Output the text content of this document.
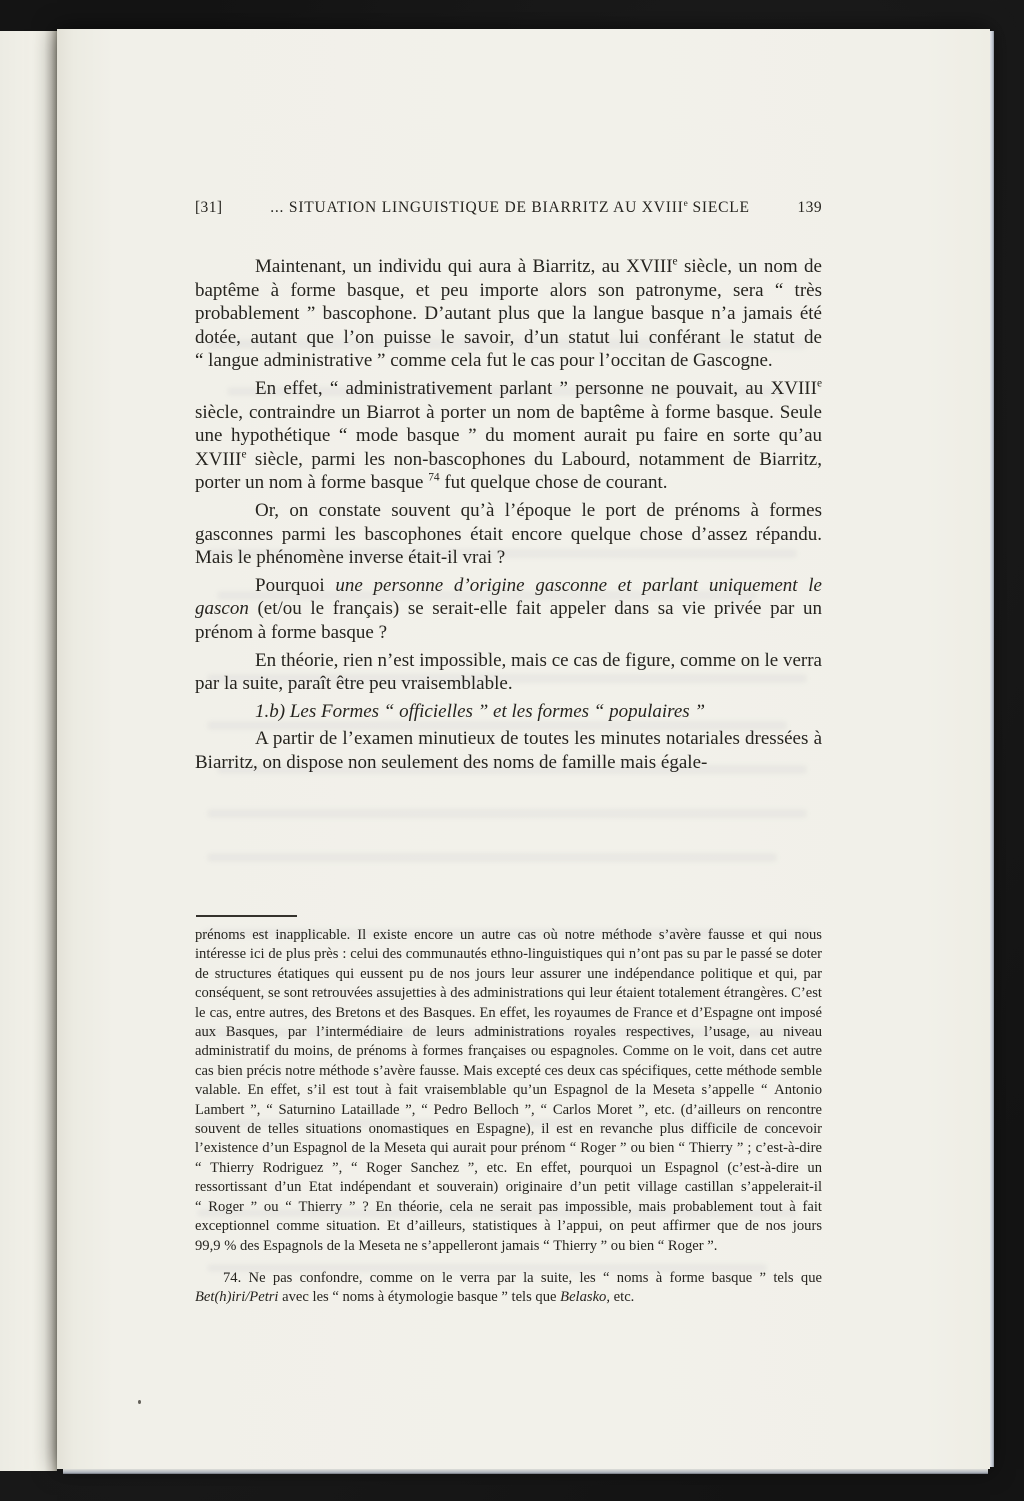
[31]	... SITUATION LINGUISTIQUE DE BIARRITZ AU XVIIIe SIECLE	139

Maintenant, un individu qui aura à Biarritz, au XVIIIe siècle, un nom de baptême à forme basque, et peu importe alors son patronyme, sera “ très probablement ” bascophone. D’autant plus que la langue basque n’a jamais été dotée, autant que l’on puisse le savoir, d’un statut lui conférant le statut de “ langue administrative ” comme cela fut le cas pour l’occitan de Gascogne.

En effet, “ administrativement parlant ” personne ne pouvait, au XVIIIe siècle, contraindre un Biarrot à porter un nom de baptême à forme basque. Seule une hypothétique “ mode basque ” du moment aurait pu faire en sorte qu’au XVIIIe siècle, parmi les non-bascophones du Labourd, notamment de Biarritz, porter un nom à forme basque $^{74}$ fut quelque chose de courant.

Or, on constate souvent qu’à l’époque le port de prénoms à formes gasconnes parmi les bascophones était encore quelque chose d’assez répandu. Mais le phénomène inverse était-il vrai ?

Pourquoi une personne d’origine gasconne et parlant uniquement le gascon (et/ou le français) se serait-elle fait appeler dans sa vie privée par un prénom à forme basque ?

En théorie, rien n’est impossible, mais ce cas de figure, comme on le verra par la suite, paraît être peu vraisemblable.

1.b) Les Formes “ officielles ” et les formes “ populaires ”

A partir de l’examen minutieux de toutes les minutes notariales dressées à Biarritz, on dispose non seulement des noms de famille mais égale-

prénoms est inapplicable. Il existe encore un autre cas où notre méthode s’avère fausse et qui nous intéresse ici de plus près : celui des communautés ethno-linguistiques qui n’ont pas su par le passé se doter de structures étatiques qui eussent pu de nos jours leur assurer une indépendance politique et qui, par conséquent, se sont retrouvées assujetties à des administrations qui leur étaient totalement étrangères. C’est le cas, entre autres, des Bretons et des Basques. En effet, les royaumes de France et d’Espagne ont imposé aux Basques, par l’intermédiaire de leurs administrations royales respectives, l’usage, au niveau administratif du moins, de prénoms à formes françaises ou espagnoles. Comme on le voit, dans cet autre cas bien précis notre méthode s’avère fausse. Mais excepté ces deux cas spécifiques, cette méthode semble valable. En effet, s’il est tout à fait vraisemblable qu’un Espagnol de la Meseta s’appelle “ Antonio Lambert ”, “ Saturnino Lataillade ”, “ Pedro Belloch ”, “ Carlos Moret ”, etc. (d’ailleurs on rencontre souvent de telles situations onomastiques en Espagne), il est en revanche plus difficile de concevoir l’existence d’un Espagnol de la Meseta qui aurait pour prénom “ Roger ” ou bien “ Thierry ” ; c’est-à-dire “ Thierry Rodriguez ”, “ Roger Sanchez ”, etc. En effet, pourquoi un Espagnol (c’est-à-dire un ressortissant d’un Etat indépendant et souverain) originaire d’un petit village castillan s’appelerait-il “ Roger ” ou “ Thierry ” ? En théorie, cela ne serait pas impossible, mais probablement tout à fait exceptionnel comme situation. Et d’ailleurs, statistiques à l’appui, on peut affirmer que de nos jours 99,9 % des Espagnols de la Meseta ne s’appelleront jamais “ Thierry ” ou bien “ Roger ”.

74. Ne pas confondre, comme on le verra par la suite, les “ noms à forme basque ” tels que Bet(h)iri/Petri avec les “ noms à étymologie basque ” tels que Belasko, etc.
